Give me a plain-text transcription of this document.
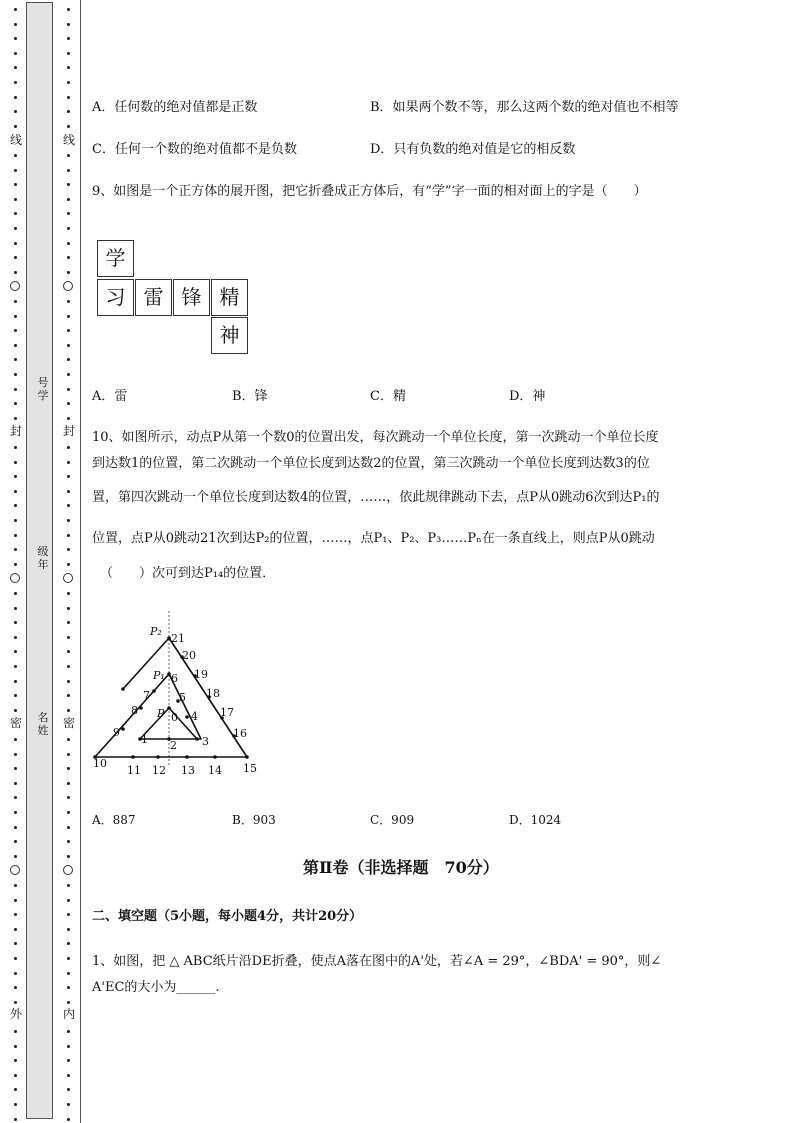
线
封
密
外
线
封
密
内
号学
级年
名姓
A．任何数的绝对值都是正数	B．如果两个数不等，那么这两个数的绝对值也不相等
C．任何一个数的绝对值都不是负数	D．只有负数的绝对值是它的相反数
9、如图是一个正方体的展开图，把它折叠成正方体后，有“学”字一面的相对面上的字是（　　）
学
习 雷 锋 精
神
A．雷	B．锋	C．精	D．神
10、如图所示，动点P从第一个数0的位置出发，每次跳动一个单位长度，第一次跳动一个单位长度
到达数1的位置，第二次跳动一个单位长度到达数2的位置，第三次跳动一个单位长度到达数3的位
置，第四次跳动一个单位长度到达数4的位置，……，依此规律跳动下去，点P从0跳动6次到达P₁的
位置，点P从0跳动21次到达P₂的位置，……，点P₁、P₂、P₃……Pₙ在一条直线上，则点P从0跳动
（　　）次可到达P₁₄的位置．
P₂
P₁
P 0
1 2 3
4
5
6
7
8
9
10
11 12 13 14 15
16
17
18
19
20
21
A．887	B．903	C．909	D．1024
第Ⅱ卷（非选择题　70分）
二、填空题（5小题，每小题4分，共计20分）
1、如图，把 △ ABC纸片沿DE折叠，使点A落在图中的A'处，若∠A = 29°，∠BDA' = 90°，则∠
A'EC的大小为______.
